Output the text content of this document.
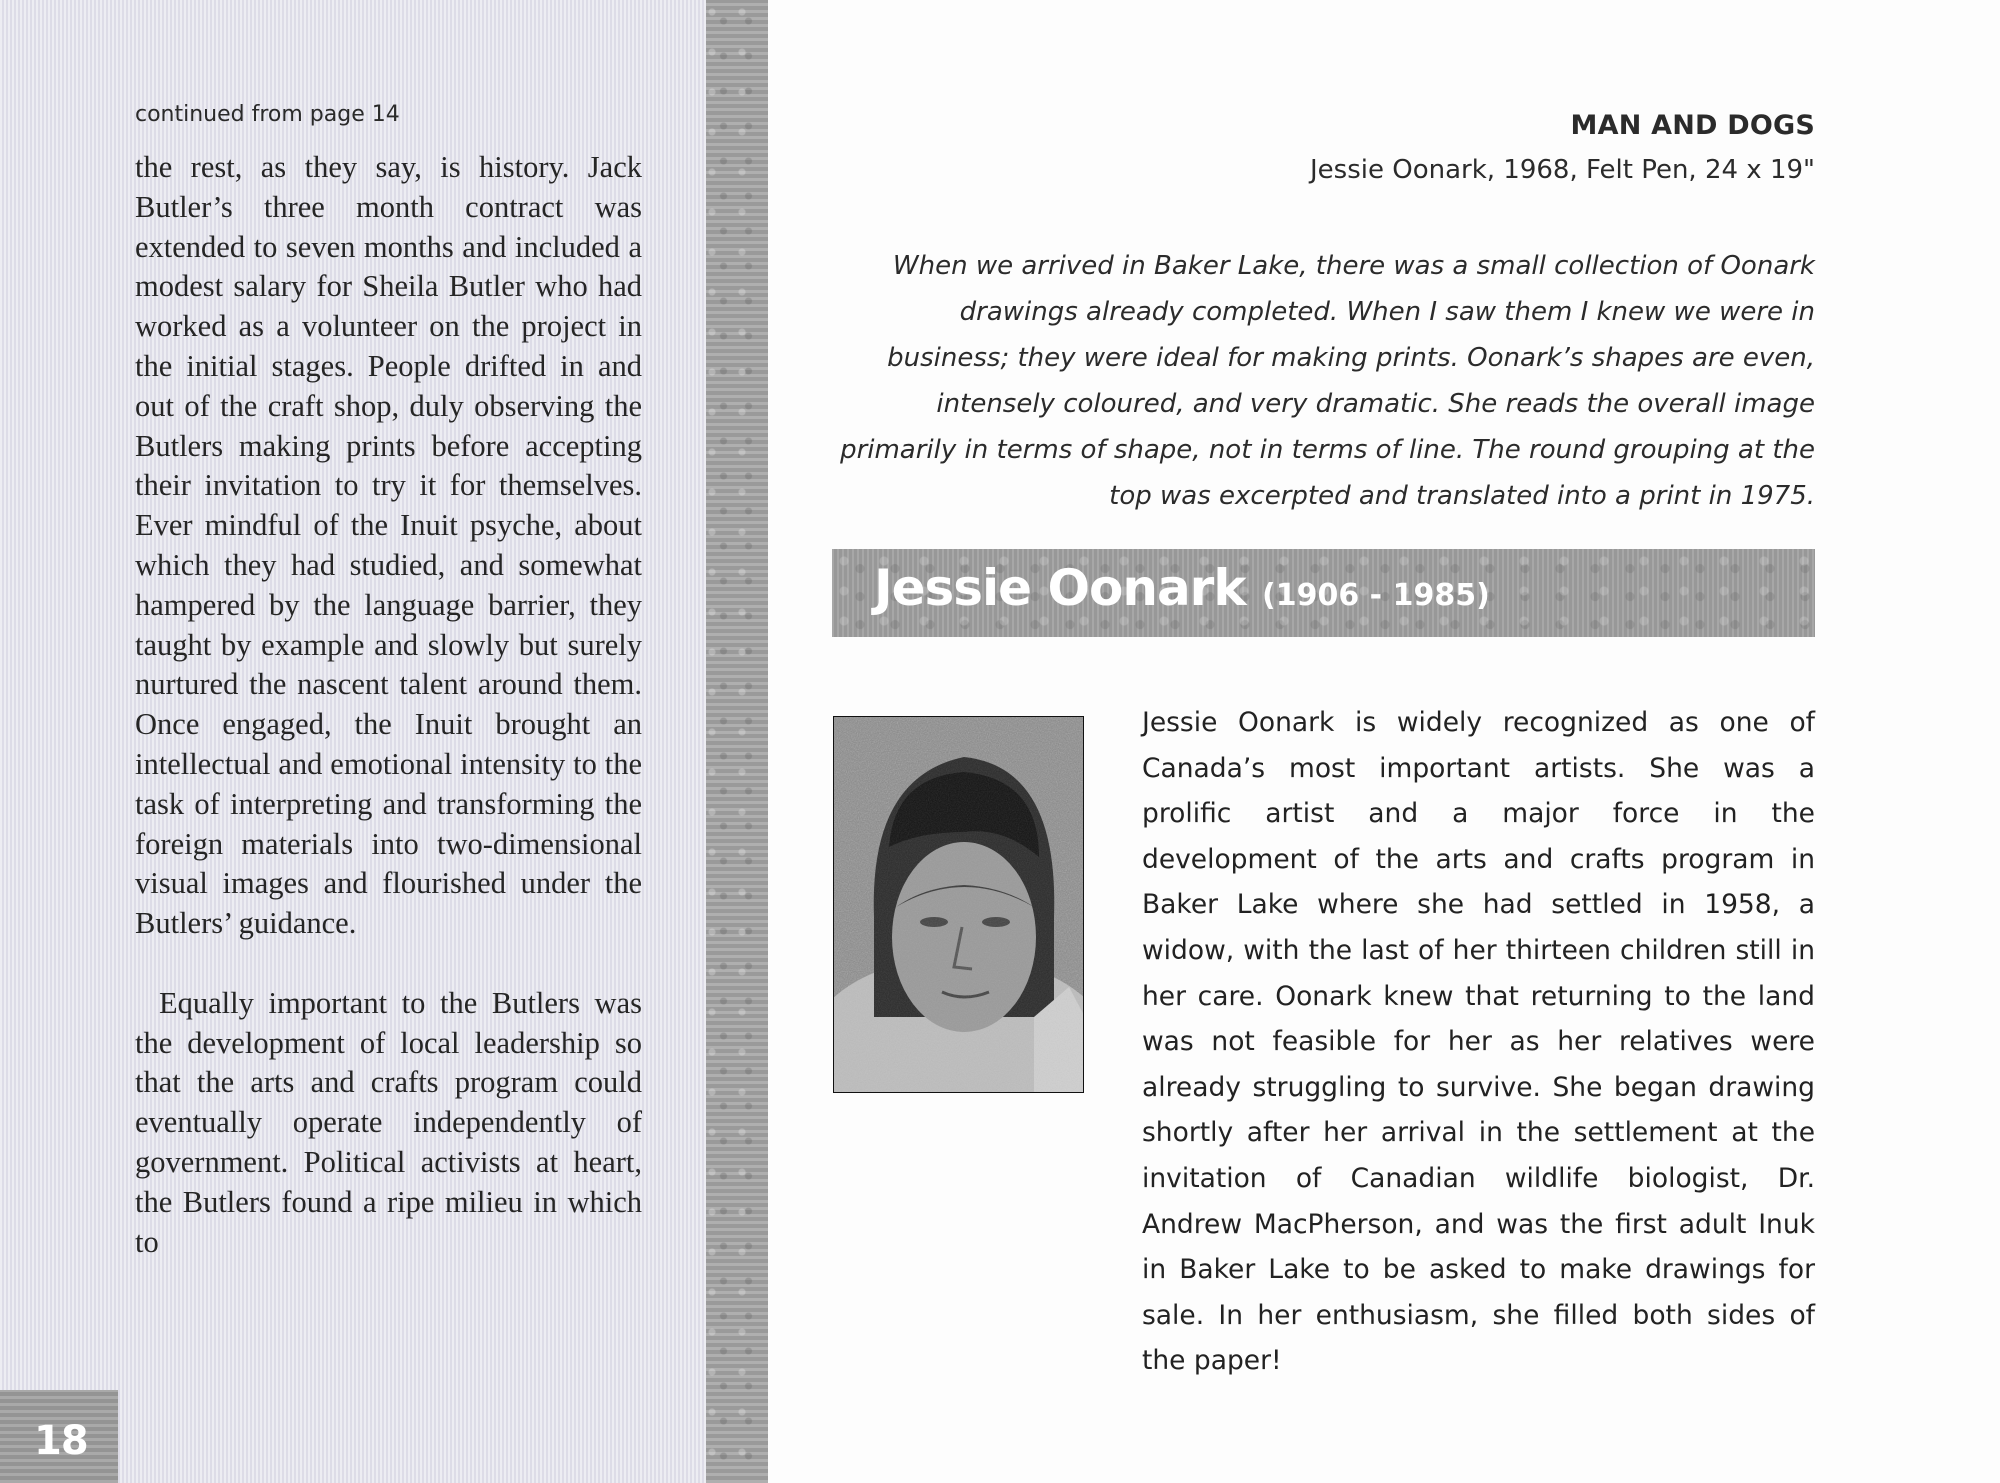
continued from page 14

the rest, as they say, is history. Jack Butler’s three month contract was extended to seven months and included a modest salary for Sheila Butler who had worked as a volunteer on the project in the initial stages. People drifted in and out of the craft shop, duly observing the Butlers making prints before accepting their invitation to try it for themselves. Ever mindful of the Inuit psyche, about which they had studied, and somewhat hampered by the language barrier, they taught by example and slowly but surely nurtured the nascent talent around them. Once engaged, the Inuit brought an intellectual and emotional intensity to the task of interpreting and transforming the foreign materials into two-dimensional visual images and flourished under the Butlers’ guidance.

Equally important to the Butlers was the development of local leadership so that the arts and crafts program could eventually operate independently of government. Political activists at heart, the Butlers found a ripe milieu in which to

18
MAN AND DOGS
Jessie Oonark, 1968, Felt Pen, 24 x 19"

When we arrived in Baker Lake, there was a small collection of Oonark drawings already completed. When I saw them I knew we were in business; they were ideal for making prints. Oonark’s shapes are even, intensely coloured, and very dramatic. She reads the overall image primarily in terms of shape, not in terms of line. The round grouping at the top was excerpted and translated into a print in 1975.

Jessie Oonark (1906 - 1985)

Jessie Oonark is widely recognized as one of Canada’s most important artists. She was a prolific artist and a major force in the development of the arts and crafts program in Baker Lake where she had settled in 1958, a widow, with the last of her thirteen children still in her care. Oonark knew that returning to the land was not feasible for her as her relatives were already struggling to survive. She began drawing shortly after her arrival in the settlement at the invitation of Canadian wildlife biologist, Dr. Andrew MacPherson, and was the first adult Inuk in Baker Lake to be asked to make drawings for sale. In her enthusiasm, she filled both sides of the paper!
